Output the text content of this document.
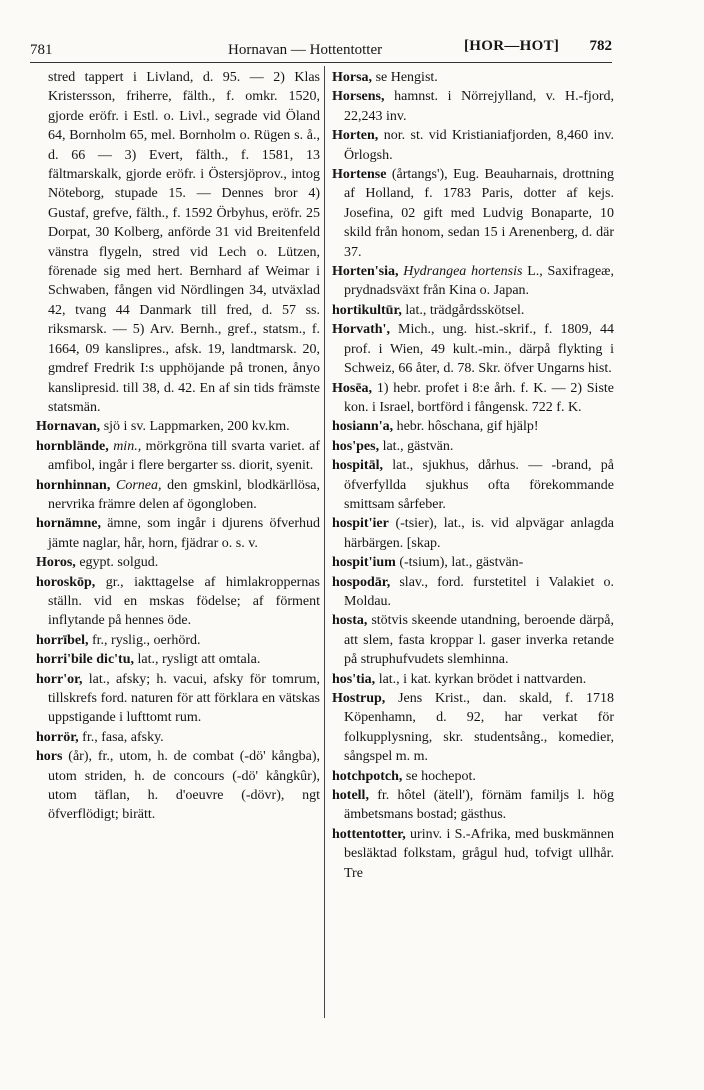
781	Hornavan — Hottentotter	[HOR—HOT] 782

stred tappert i Livland, d. 95. — 2) Klas Kristersson, friherre, fälth., f. omkr. 1520, gjorde eröfr. i Estl. o. Livl., segrade vid Öland 64, Bornholm 65, mel. Bornholm o. Rügen s. å., d. 66 — 3) Evert, fälth., f. 1581, 13 fältmarskalk, gjorde eröfr. i Östersjöprov., intog Nöteborg, stupade 15. — Dennes bror 4) Gustaf, grefve, fälth., f. 1592 Örbyhus, eröfr. 25 Dorpat, 30 Kolberg, anförde 31 vid Breitenfeld vänstra flygeln, stred vid Lech o. Lützen, förenade sig med hert. Bernhard af Weimar i Schwaben, fången vid Nördlingen 34, utväxlad 42, tvang 44 Danmark till fred, d. 57 ss. riksmarsk. — 5) Arv. Bernh., gref., statsm., f. 1664, 09 kanslipres., afsk. 19, landtmarsk. 20, gmdref Fredrik I:s upphöjande på tronen, ånyo kanslipresid. till 38, d. 42. En af sin tids främste statsmän.

Hornavan, sjö i sv. Lappmarken, 200 kv.km.

hornblände, min., mörkgröna till svarta variet. af amfibol, ingår i flere bergarter ss. diorit, syenit.

hornhinnan, Cornea, den gmskinl, blodkärllösa, nervrika främre delen af ögongloben.

hornämne, ämne, som ingår i djurens öfverhud jämte naglar, hår, horn, fjädrar o. s. v.

Horos, egypt. solgud.

horoskōp, gr., iakttagelse af himlakroppernas ställn. vid en mskas födelse; af förment inflytande på hennes öde.

horrībel, fr., ryslig., oerhörd.

horri'bile dic'tu, lat., rysligt att omtala.

horr'or, lat., afsky; h. vacui, afsky för tomrum, tillskrefs ford. naturen för att förklara en vätskas uppstigande i lufttomt rum.

horrör, fr., fasa, afsky.

hors (år), fr., utom, h. de combat (-dö' kångba), utom striden, h. de concours (-dö' kångkûr), utom täflan, h. d'oeuvre (-dövr), ngt öfverflödigt; birätt.

Horsa, se Hengist.

Horsens, hamnst. i Nörrejylland, v. H.-fjord, 22,243 inv.

Horten, nor. st. vid Kristianiafjorden, 8,460 inv. Örlogsh.

Hortense (årtangs'), Eug. Beauharnais, drottning af Holland, f. 1783 Paris, dotter af kejs. Josefina, 02 gift med Ludvig Bonaparte, 10 skild från honom, sedan 15 i Arenenberg, d. där 37.

Horten'sia, Hydrangea hortensis L., Saxifrageæ, prydnadsväxt från Kina o. Japan.

hortikultūr, lat., trädgårdsskötsel.

Horvath', Mich., ung. hist.-skrif., f. 1809, 44 prof. i Wien, 49 kult.-min., därpå flykting i Schweiz, 66 åter, d. 78. Skr. öfver Ungarns hist.

Hosēa, 1) hebr. profet i 8:e årh. f. K. — 2) Siste kon. i Israel, bortförd i fångensk. 722 f. K.

hosiann'a, hebr. hôschana, gif hjälp!

hos'pes, lat., gästvän.

hospitāl, lat., sjukhus, dårhus. — -brand, på öfverfyllda sjukhus ofta förekommande smittsam sårfeber.

hospit'ier (-tsier), lat., is. vid alpvägar anlagda härbärgen. [skap.

hospit'ium (-tsium), lat., gästvän-

hospodār, slav., ford. furstetitel i Valakiet o. Moldau.

hosta, stötvis skeende utandning, beroende därpå, att slem, fasta kroppar l. gaser inverka retande på struphufvudets slemhinna.

hos'tia, lat., i kat. kyrkan brödet i nattvarden.

Hostrup, Jens Krist., dan. skald, f. 1718 Köpenhamn, d. 92, har verkat för folkupplysning, skr. studentsång., komedier, sångspel m. m.

hotchpotch, se hochepot.

hotell, fr. hôtel (ätell'), förnäm familjs l. hög ämbetsmans bostad; gästhus.

hottentotter, urinv. i S.-Afrika, med buskmännen besläktad folkstam, grågul hud, tofvigt ullhår. Tre
